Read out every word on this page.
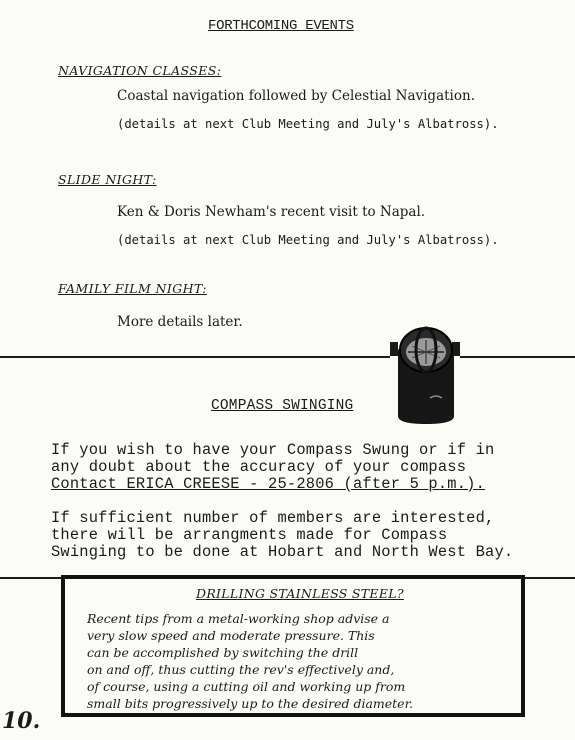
FORTHCOMING EVENTS
NAVIGATION CLASSES:
Coastal navigation followed by Celestial Navigation.
(details at next Club Meeting and July's Albatross).
SLIDE NIGHT:
Ken & Doris Newham's recent visit to Napal.
(details at next Club Meeting and July's Albatross).
FAMILY FILM NIGHT:
More details later.
COMPASS SWINGING
If you wish to have your Compass Swung or if in
any doubt about the accuracy of your compass
Contact ERICA CREESE - 25-2806 (after 5 p.m.).
If sufficient number of members are interested,
there will be arrangments made for Compass
Swinging to be done at Hobart and North West Bay.
DRILLING STAINLESS STEEL?
Recent tips from a metal-working shop advise a
very slow speed and moderate pressure. This
can be accomplished by switching the drill
on and off, thus cutting the rev's effectively and,
of course, using a cutting oil and working up from
small bits progressively up to the desired diameter.
10.
